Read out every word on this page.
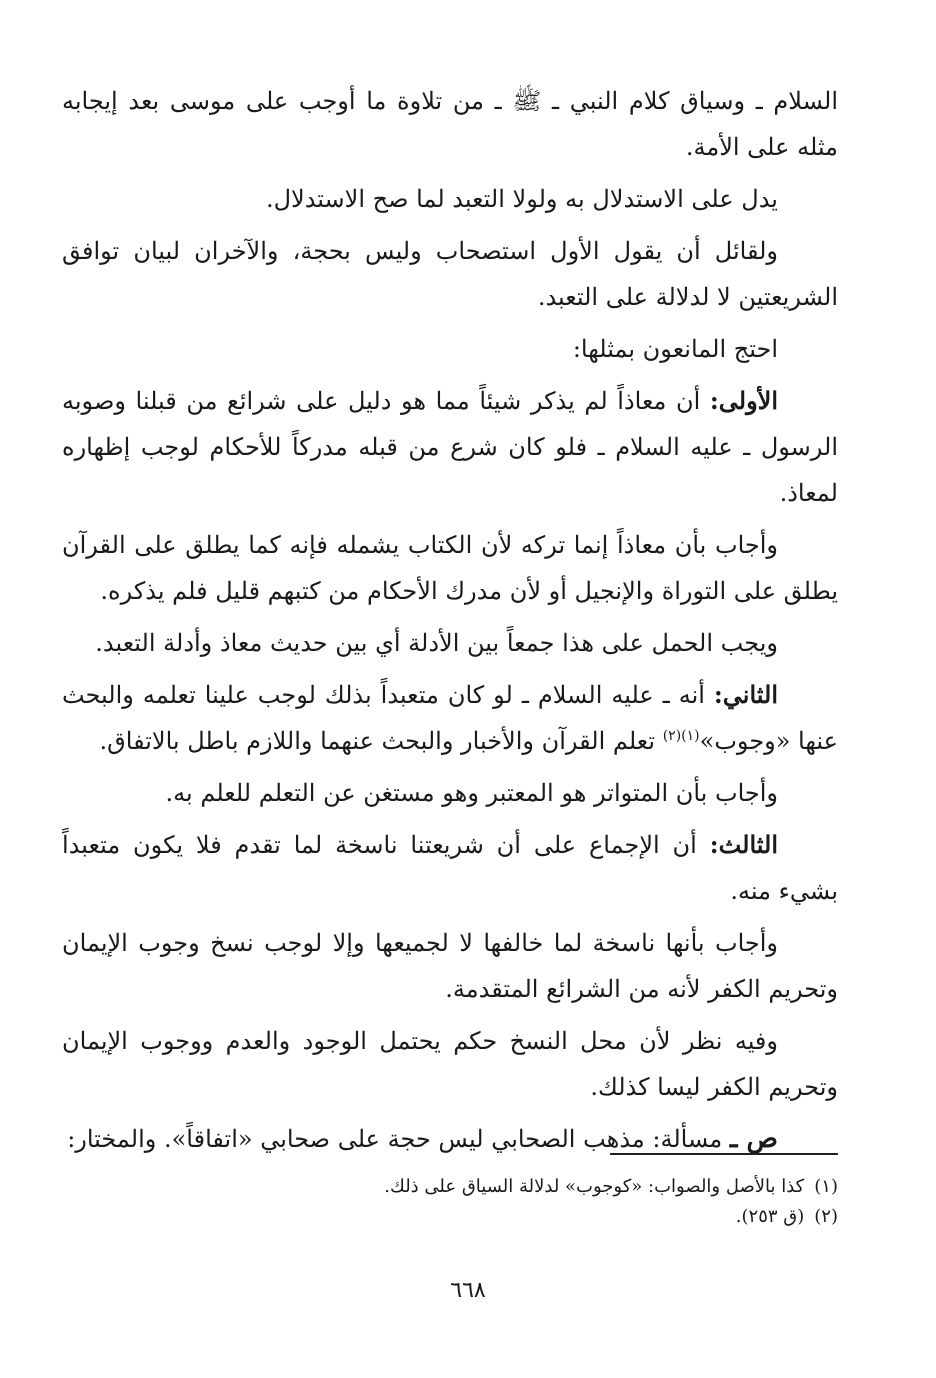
السلام ـ وسياق كلام النبي ـ ﷺ ـ من تلاوة ما أوجب على موسى بعد إيجابه مثله على الأمة.

يدل على الاستدلال به ولولا التعبد لما صح الاستدلال.

ولقائل أن يقول الأول استصحاب وليس بحجة، والآخران لبيان توافق الشريعتين لا لدلالة على التعبد.

احتج المانعون بمثلها:

الأولى: أن معاذاً لم يذكر شيئاً مما هو دليل على شرائع من قبلنا وصوبه الرسول ـ عليه السلام ـ فلو كان شرع من قبله مدركاً للأحكام لوجب إظهاره لمعاذ.

وأجاب بأن معاذاً إنما تركه لأن الكتاب يشمله فإنه كما يطلق على القرآن يطلق على التوراة والإنجيل أو لأن مدرك الأحكام من كتبهم قليل فلم يذكره.

ويجب الحمل على هذا جمعاً بين الأدلة أي بين حديث معاذ وأدلة التعبد.

الثاني: أنه ـ عليه السلام ـ لو كان متعبداً بذلك لوجب علينا تعلمه والبحث عنها «وجوب»$^{(١)(٢)}$ تعلم القرآن والأخبار والبحث عنهما واللازم باطل بالاتفاق.

وأجاب بأن المتواتر هو المعتبر وهو مستغن عن التعلم للعلم به.

الثالث: أن الإجماع على أن شريعتنا ناسخة لما تقدم فلا يكون متعبداً بشيء منه.

وأجاب بأنها ناسخة لما خالفها لا لجميعها وإلا لوجب نسخ وجوب الإيمان وتحريم الكفر لأنه من الشرائع المتقدمة.

وفيه نظر لأن محل النسخ حكم يحتمل الوجود والعدم ووجوب الإيمان وتحريم الكفر ليسا كذلك.

ص ـ مسألة: مذهب الصحابي ليس حجة على صحابي «اتفاقاً». والمختار:

(١)كذا بالأصل والصواب: «كوجوب» لدلالة السياق على ذلك.

(٢)(ق ٢٥٣).

٦٦٨
